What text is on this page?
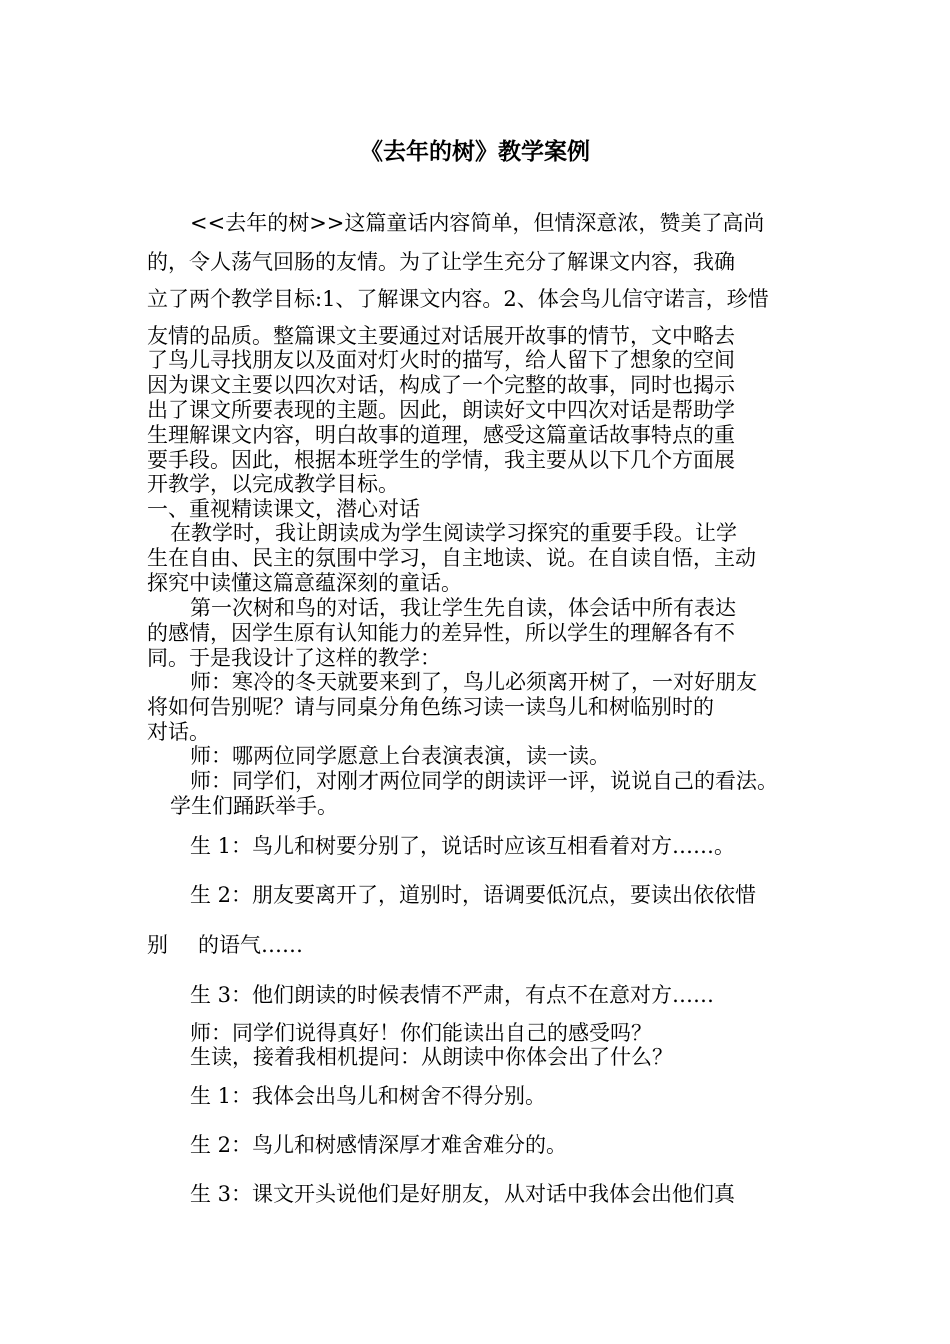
《去年的树》教学案例
<<去年的树>>这篇童话内容简单，但情深意浓，赞美了高尚
的，令人荡气回肠的友情。为了让学生充分了解课文内容，我确
立了两个教学目标:1、了解课文内容。2、体会鸟儿信守诺言，珍惜
友情的品质。整篇课文主要通过对话展开故事的情节，文中略去
了鸟儿寻找朋友以及面对灯火时的描写，给人留下了想象的空间
因为课文主要以四次对话，构成了一个完整的故事，同时也揭示
出了课文所要表现的主题。因此，朗读好文中四次对话是帮助学
生理解课文内容，明白故事的道理，感受这篇童话故事特点的重
要手段。因此，根据本班学生的学情，我主要从以下几个方面展
开教学，以完成教学目标。
一、重视精读课文，潜心对话
在教学时，我让朗读成为学生阅读学习探究的重要手段。让学
生在自由、民主的氛围中学习，自主地读、说。在自读自悟，主动
探究中读懂这篇意蕴深刻的童话。
第一次树和鸟的对话，我让学生先自读，体会话中所有表达
的感情，因学生原有认知能力的差异性，所以学生的理解各有不
同。于是我设计了这样的教学：
师：寒冷的冬天就要来到了，鸟儿必须离开树了，一对好朋友
将如何告别呢？请与同桌分角色练习读一读鸟儿和树临别时的
对话。
师：哪两位同学愿意上台表演表演，读一读。
师：同学们，对刚才两位同学的朗读评一评，说说自己的看法。
学生们踊跃举手。
生 1：鸟儿和树要分别了，说话时应该互相看着对方……。
生 2：朋友要离开了，道别时，语调要低沉点，要读出依依惜
别 的语气……
生 3：他们朗读的时候表情不严肃，有点不在意对方……
师：同学们说得真好！你们能读出自己的感受吗？
生读，接着我相机提问：从朗读中你体会出了什么？
生 1：我体会出鸟儿和树舍不得分别。
生 2：鸟儿和树感情深厚才难舍难分的。
生 3：课文开头说他们是好朋友，从对话中我体会出他们真
